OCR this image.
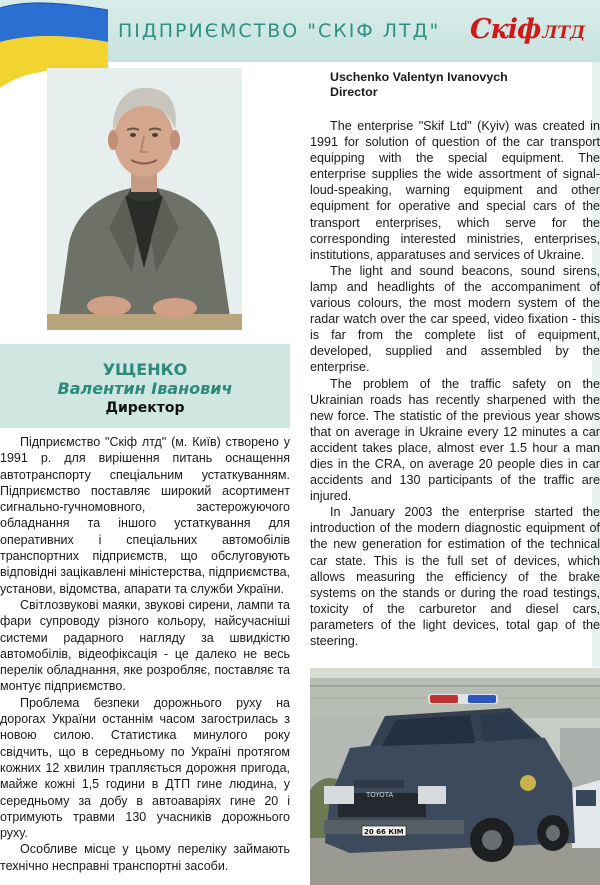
ПІДПРИЄМСТВО "СКІФ ЛТД" Скіф ЛТД
УЩЕНКО
Валентин Іванович
Директор

Підприємство "Скіф лтд" (м. Київ) створено у 1991 р. для вирішення питань оснащення автотранспорту спеціальним устаткуванням. Підприємство поставляє широкий асортимент сигнально-гучномовного, застерожуючого обладнання та іншого устаткування для оперативних і спеціальних автомобілів транспортних підприємств, що обслуговують відповідні зацікавлені міністерства, підприємства, установи, відомства, апарати та служби України.

Світлозвукові маяки, звукові сирени, лампи та фари супроводу різного кольору, найсучасніші системи радарного нагляду за швидкістю автомобілів, відеофіксація - це далеко не весь перелік обладнання, яке розробляє, поставляє та монтує підприємство.

Проблема безпеки дорожнього руху на дорогах України останнім часом загострилась з новою силою. Статистика минулого року свідчить, що в середньому по Україні протягом кожних 12 хвилин трапляється дорожня пригода, майже кожні 1,5 години в ДТП гине людина, у середньому за добу в автоаваріях гине 20 і отримують травми 130 учасників дорожнього руху.

Особливе місце у цьому переліку займають технічно несправні транспортні засоби.

Uschenko Valentyn Ivanovych
Director

The enterprise "Skif Ltd" (Kyiv) was created in 1991 for solution of question of the car transport equipping with the special equipment. The enterprise supplies the wide assortment of signal-loud-speaking, warning equipment and other equipment for operative and special cars of the transport enterprises, which serve for the corresponding interested ministries, enterprises, institutions, apparatuses and services of Ukraine.

The light and sound beacons, sound sirens, lamp and headlights of the accompaniment of various colours, the most modern system of the radar watch over the car speed, video fixation - this is far from the complete list of equipment, developed, supplied and assembled by the enterprise.

The problem of the traffic safety on the Ukrainian roads has recently sharpened with the new force. The statistic of the previous year shows that on average in Ukraine every 12 minutes a car accident takes place, almost ever 1.5 hour a man dies in the CRA, on average 20 people dies in car accidents and 130 participants of the traffic are injured.

In January 2003 the enterprise started the introduction of the modern diagnostic equipment of the new generation for estimation of the technical car state. This is the full set of devices, which allows measuring the efficiency of the brake systems on the stands or during the road testings, toxicity of the carburetor and diesel cars, parameters of the light devices, total gap of the steering.

TOYOTA
20 66 КІМ
